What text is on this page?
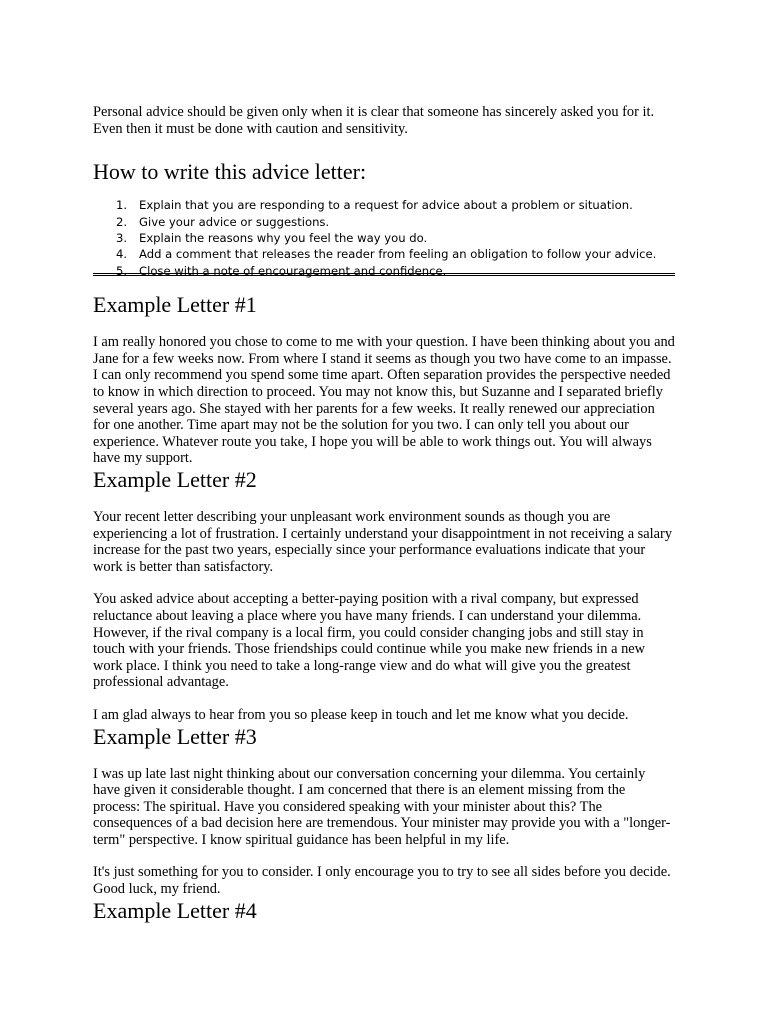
Personal advice should be given only when it is clear that someone has sincerely asked you for it. Even then it must be done with caution and sensitivity.

How to write this advice letter:
1. Explain that you are responding to a request for advice about a problem or situation.
2. Give your advice or suggestions.
3. Explain the reasons why you feel the way you do.
4. Add a comment that releases the reader from feeling an obligation to follow your advice.
5. Close with a note of encouragement and confidence.
Example Letter #1

I am really honored you chose to come to me with your question. I have been thinking about you and Jane for a few weeks now. From where I stand it seems as though you two have come to an impasse. I can only recommend you spend some time apart. Often separation provides the perspective needed to know in which direction to proceed. You may not know this, but Suzanne and I separated briefly several years ago. She stayed with her parents for a few weeks. It really renewed our appreciation for one another. Time apart may not be the solution for you two. I can only tell you about our experience. Whatever route you take, I hope you will be able to work things out. You will always have my support.

Example Letter #2

Your recent letter describing your unpleasant work environment sounds as though you are experiencing a lot of frustration. I certainly understand your disappointment in not receiving a salary increase for the past two years, especially since your performance evaluations indicate that your work is better than satisfactory.

You asked advice about accepting a better-paying position with a rival company, but expressed reluctance about leaving a place where you have many friends. I can understand your dilemma. However, if the rival company is a local firm, you could consider changing jobs and still stay in touch with your friends. Those friendships could continue while you make new friends in a new work place. I think you need to take a long-range view and do what will give you the greatest professional advantage.

I am glad always to hear from you so please keep in touch and let me know what you decide.

Example Letter #3

I was up late last night thinking about our conversation concerning your dilemma. You certainly have given it considerable thought. I am concerned that there is an element missing from the process: The spiritual. Have you considered speaking with your minister about this? The consequences of a bad decision here are tremendous. Your minister may provide you with a "longer-term" perspective. I know spiritual guidance has been helpful in my life.

It's just something for you to consider. I only encourage you to try to see all sides before you decide. Good luck, my friend.

Example Letter #4
